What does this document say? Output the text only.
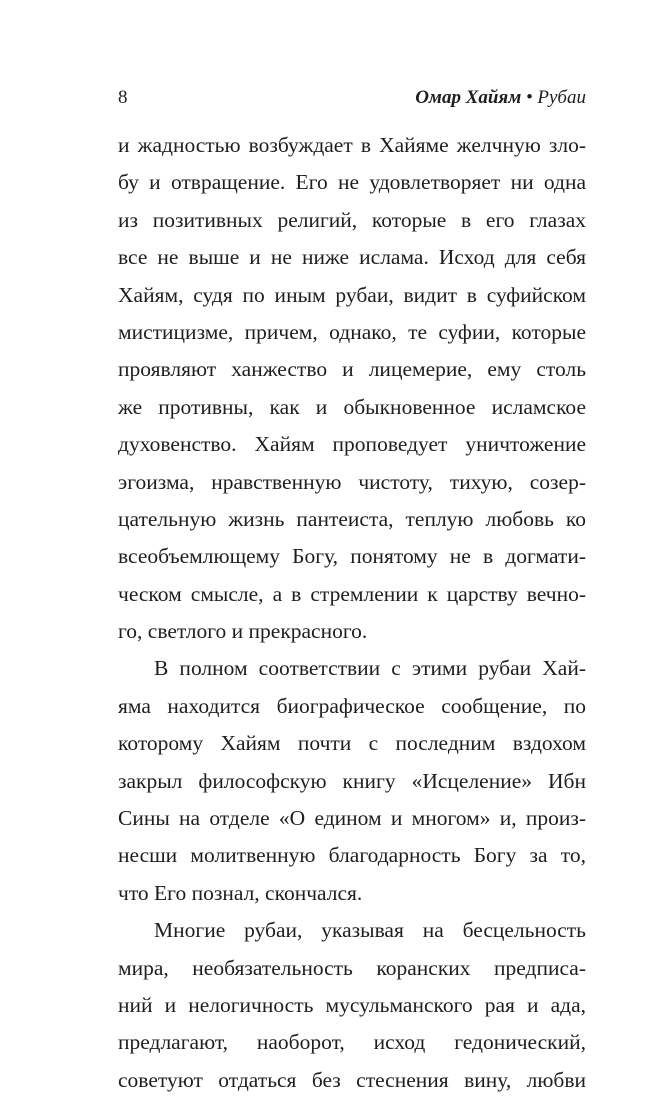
8	Омар Хайям • Рубаи
и жадностью возбуждает в Хайяме желчную зло-
бу и отвращение. Его не удовлетворяет ни одна
из позитивных религий, которые в его глазах
все не выше и не ниже ислама. Исход для себя
Хайям, судя по иным рубаи, видит в суфийском
мистицизме, причем, однако, те суфии, которые
проявляют ханжество и лицемерие, ему столь
же противны, как и обыкновенное исламское
духовенство. Хайям проповедует уничтожение
эгоизма, нравственную чистоту, тихую, созер-
цательную жизнь пантеиста, теплую любовь ко
всеобъемлющему Богу, понятому не в догмати-
ческом смысле, а в стремлении к царству вечно-
го, светлого и прекрасного.
В полном соответствии с этими рубаи Хай-
яма находится биографическое сообщение, по
которому Хайям почти с последним вздохом
закрыл философскую книгу «Исцеление» Ибн
Сины на отделе «О едином и многом» и, произ-
несши молитвенную благодарность Богу за то,
что Его познал, скончался.
Многие рубаи, указывая на бесцельность
мира, необязательность коранских предписа-
ний и нелогичность мусульманского рая и ада,
предлагают, наоборот, исход гедонический,
советуют отдаться без стеснения вину, любви
